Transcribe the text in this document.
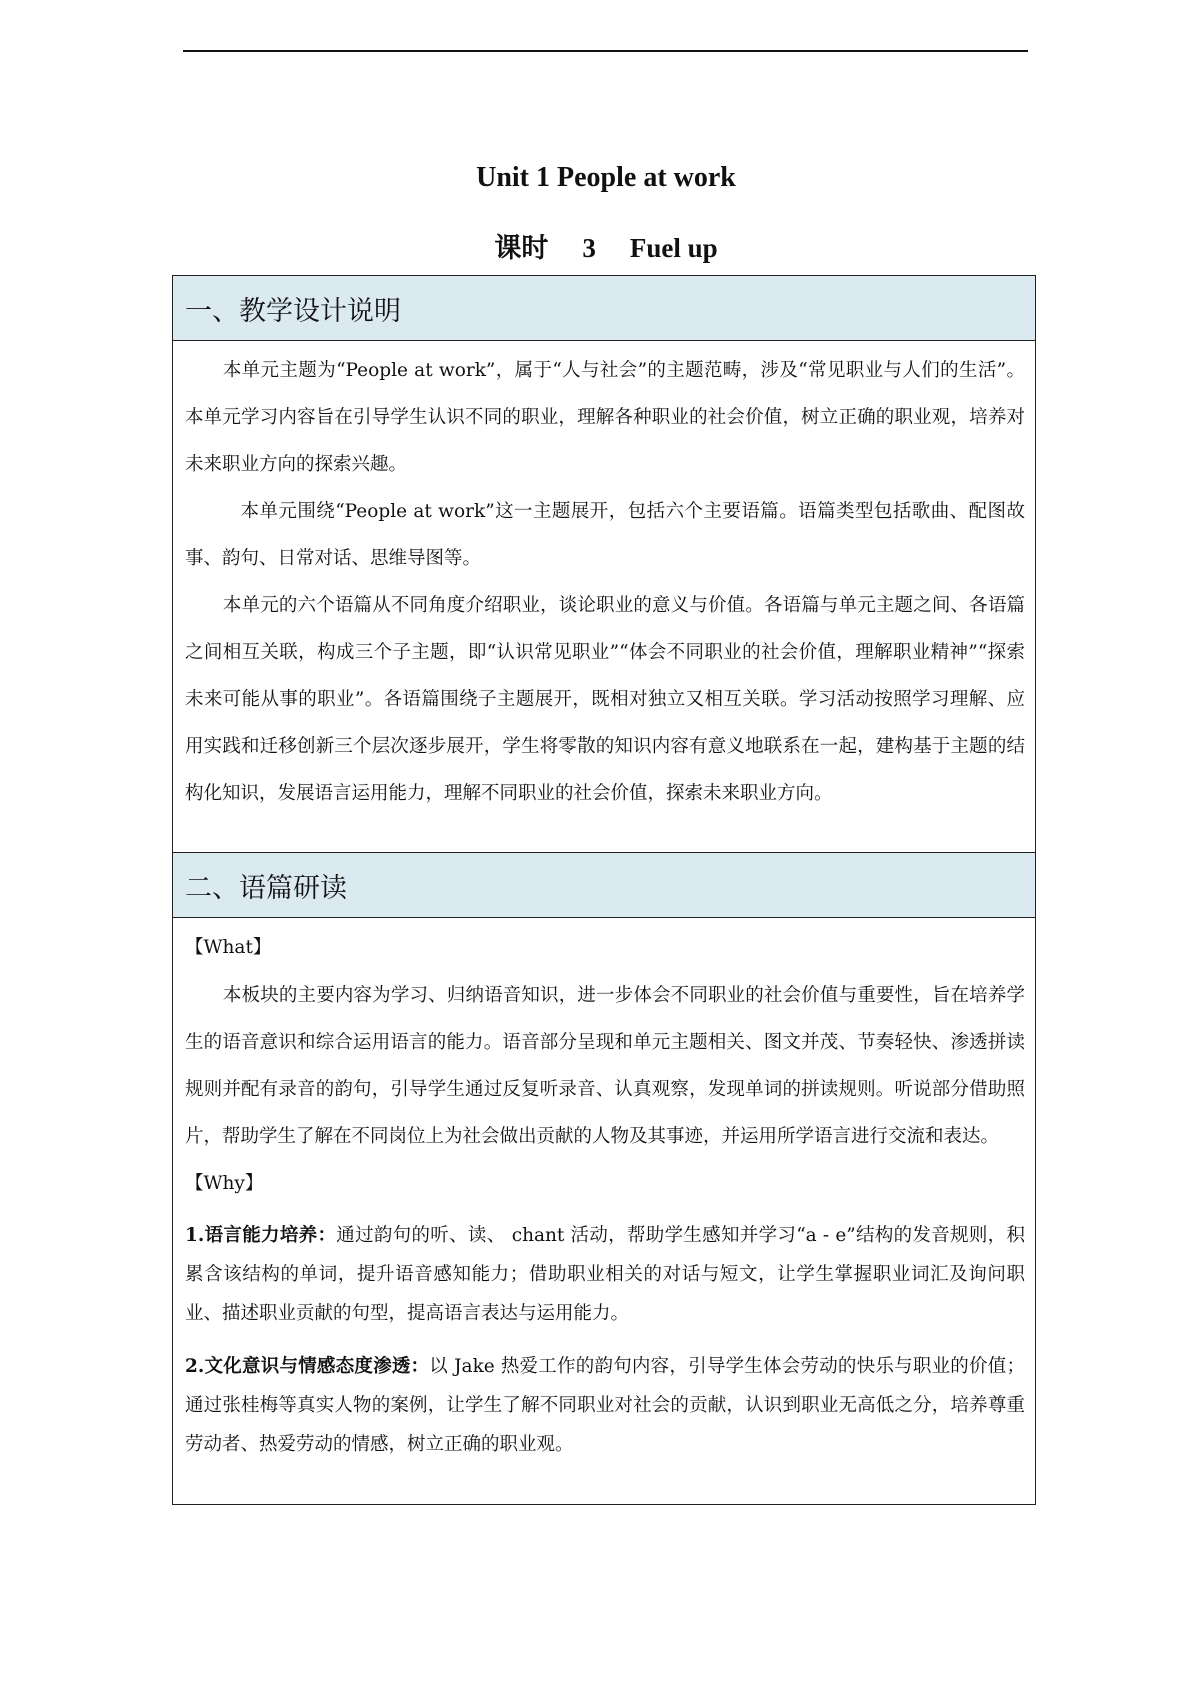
Unit 1 People at work
课时 3 Fuel up
一、教学设计说明

本单元主题为“People at work”，属于“人与社会”的主题范畴，涉及“常见职业与人们的生活”。本单元学习内容旨在引导学生认识不同的职业，理解各种职业的社会价值，树立正确的职业观，培养对未来职业方向的探索兴趣。

本单元围绕“People at work”这一主题展开，包括六个主要语篇。语篇类型包括歌曲、配图故事、韵句、日常对话、思维导图等。

本单元的六个语篇从不同角度介绍职业，谈论职业的意义与价值。各语篇与单元主题之间、各语篇之间相互关联，构成三个子主题，即“认识常见职业”“体会不同职业的社会价值，理解职业精神”“探索未来可能从事的职业”。各语篇围绕子主题展开，既相对独立又相互关联。学习活动按照学习理解、应用实践和迁移创新三个层次逐步展开，学生将零散的知识内容有意义地联系在一起，建构基于主题的结构化知识，发展语言运用能力，理解不同职业的社会价值，探索未来职业方向。

二、语篇研读

【What】

本板块的主要内容为学习、归纳语音知识，进一步体会不同职业的社会价值与重要性，旨在培养学生的语音意识和综合运用语言的能力。语音部分呈现和单元主题相关、图文并茂、节奏轻快、渗透拼读规则并配有录音的韵句，引导学生通过反复听录音、认真观察，发现单词的拼读规则。听说部分借助照片，帮助学生了解在不同岗位上为社会做出贡献的人物及其事迹，并运用所学语言进行交流和表达。

【Why】

1.语言能力培养：通过韵句的听、读、 chant 活动，帮助学生感知并学习“a - e”结构的发音规则，积累含该结构的单词，提升语音感知能力；借助职业相关的对话与短文，让学生掌握职业词汇及询问职业、描述职业贡献的句型，提高语言表达与运用能力。

2.文化意识与情感态度渗透：以 Jake 热爱工作的韵句内容，引导学生体会劳动的快乐与职业的价值；通过张桂梅等真实人物的案例，让学生了解不同职业对社会的贡献，认识到职业无高低之分，培养尊重劳动者、热爱劳动的情感，树立正确的职业观。
